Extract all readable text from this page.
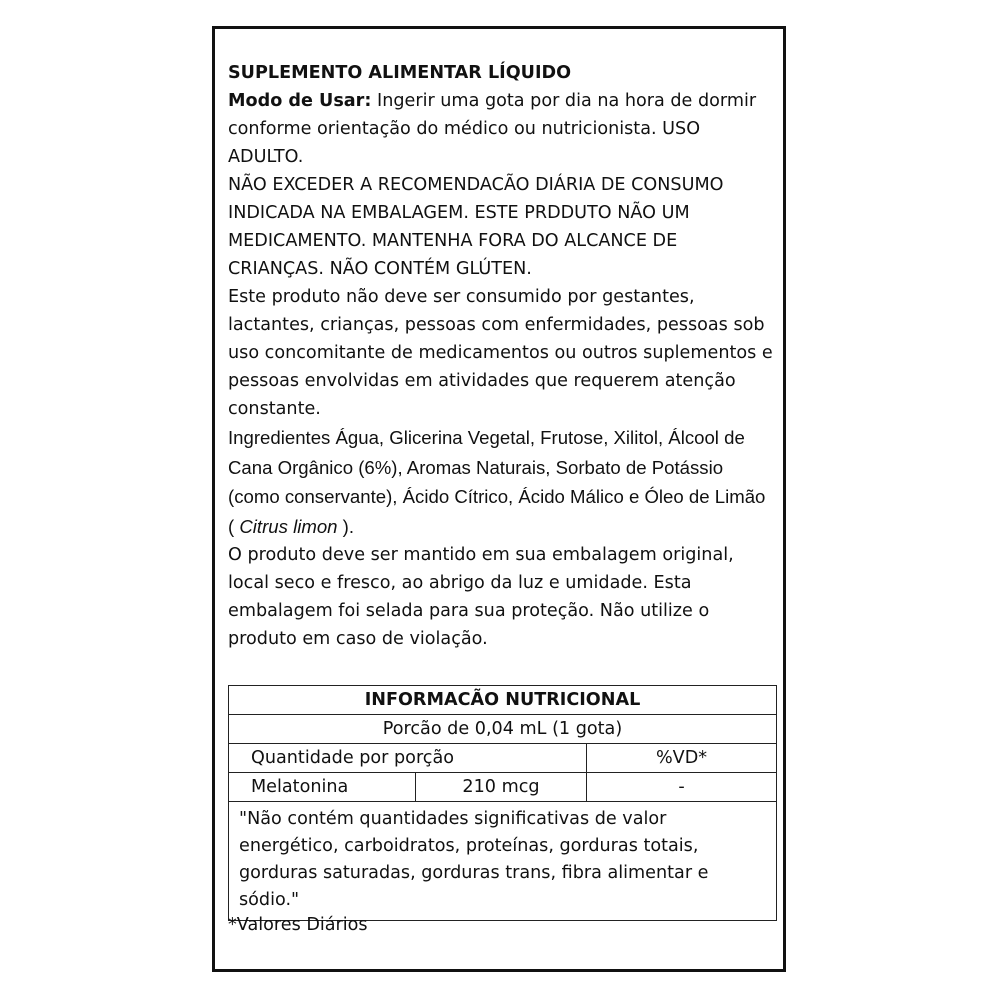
SUPLEMENTO ALIMENTAR LÍQUIDO

Modo de Usar: Ingerir uma gota por dia na hora de dormir conforme orientação do médico ou nutricionista. USO ADULTO.

NÃO EXCEDER A RECOMENDACÃO DIÁRIA DE CONSUMO INDICADA NA EMBALAGEM. ESTE PRDDUTO NÃO UM MEDICAMENTO. MANTENHA FORA DO ALCANCE DE CRIANÇAS. NÃO CONTÉM GLÚTEN.

Este produto não deve ser consumido por gestantes, lactantes, crianças, pessoas com enfermidades, pessoas sob uso concomitante de medicamentos ou outros suplementos e pessoas envolvidas em atividades que requerem atenção constante.

Ingredientes Água, Glicerina Vegetal, Frutose, Xilitol, Álcool de Cana Orgânico (6%), Aromas Naturais, Sorbato de Potássio (como conservante), Ácido Cítrico, Ácido Málico e Óleo de Limão ( Citrus limon ).

O produto deve ser mantido em sua embalagem original, local seco e fresco, ao abrigo da luz e umidade. Esta embalagem foi selada para sua proteção. Não utilize o produto em caso de violação.

INFORMACÃO NUTRICIONAL
Porcão de 0,04 mL (1 gota)
Quantidade por porção	%VD*
Melatonina	210 mcg	-
"Não contém quantidades significativas de valor energético, carboidratos, proteínas, gorduras totais, gorduras saturadas, gorduras trans, fibra alimentar e sódio."
*Valores Diários
